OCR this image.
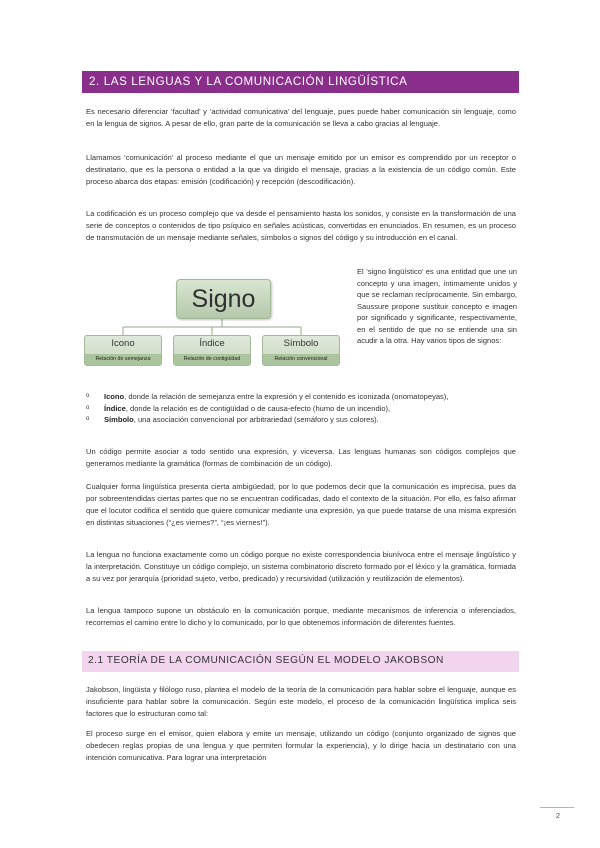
2. LAS LENGUAS Y LA COMUNICACIÓN LINGÜÍSTICA

Es necesario diferenciar ‘facultad’ y ‘actividad comunicativa’ del lenguaje, pues puede haber comunicación sin lenguaje, como en la lengua de signos. A pesar de ello, gran parte de la comunicación se lleva a cabo gracias al lenguaje.

Llamamos ‘comunicación’ al proceso mediante el que un mensaje emitido por un emisor es comprendido por un receptor o destinatario, que es la persona o entidad a la que va dirigido el mensaje, gracias a la existencia de un código común. Este proceso abarca dos etapas: emisión (codificación) y recepción (descodificación).

La codificación es un proceso complejo que va desde el pensamiento hasta los sonidos, y consiste en la transformación de una serie de conceptos o contenidos de tipo psíquico en señales acústicas, convertidas en enunciados. En resumen, es un proceso de transmutación de un mensaje mediante señales, símbolos o signos del código y su introducción en el canal.

Signo
Icono
Relación de semejanza
Índice
Relación de contigüidad
Símbolo
Relación convencional

El ‘signo lingüístico’ es una entidad que une un concepto y una imagen, íntimamente unidos y que se reclaman recíprocamente. Sin embargo, Saussure propone sustituir concepto e imagen por significado y significante, respectivamente, en el sentido de que no se entiende una sin acudir a la otra. Hay varios tipos de signos:

o Icono, donde la relación de semejanza entre la expresión y el contenido es iconizada (onomatopeyas),
o Índice, donde la relación es de contigüidad o de causa-efecto (humo de un incendio),
o Símbolo, una asociación convencional por arbitrariedad (semáforo y sus colores).

Un código permite asociar a todo sentido una expresión, y viceversa. Las lenguas humanas son códigos complejos que generamos mediante la gramática (formas de combinación de un código).

Cualquier forma lingüística presenta cierta ambigüedad, por lo que podemos decir que la comunicación es imprecisa, pues da por sobreentendidas ciertas partes que no se encuentran codificadas, dado el contexto de la situación. Por ello, es falso afirmar que el locutor codifica el sentido que quiere comunicar mediante una expresión, ya que puede tratarse de una misma expresión en distintas situaciones (“¿es viernes?”, “¡es viernes!”).

La lengua no funciona exactamente como un código porque no existe correspondencia biunívoca entre el mensaje lingüístico y la interpretación. Constituye un código complejo, un sistema combinatorio discreto formado por el léxico y la gramática, formada a su vez por jerarquía (prioridad sujeto, verbo, predicado) y recursividad (utilización y reutilización de elementos).

La lengua tampoco supone un obstáculo en la comunicación porque, mediante mecanismos de inferencia o inferenciados, recorremos el camino entre lo dicho y lo comunicado, por lo que obtenemos información de diferentes fuentes.

2.1 TEORÍA DE LA COMUNICACIÓN SEGÚN EL MODELO JAKOBSON

Jakobson, lingüista y filólogo ruso, plantea el modelo de la teoría de la comunicación para hablar sobre el lenguaje, aunque es insuficiente para hablar sobre la comunicación. Según este modelo, el proceso de la comunicación lingüística implica seis factores que lo estructuran como tal:

El proceso surge en el emisor, quien elabora y emite un mensaje, utilizando un código (conjunto organizado de signos que obedecen reglas propias de una lengua y que permiten formular la experiencia), y lo dirige hacia un destinatario con una intención comunicativa. Para lograr una interpretación

2
